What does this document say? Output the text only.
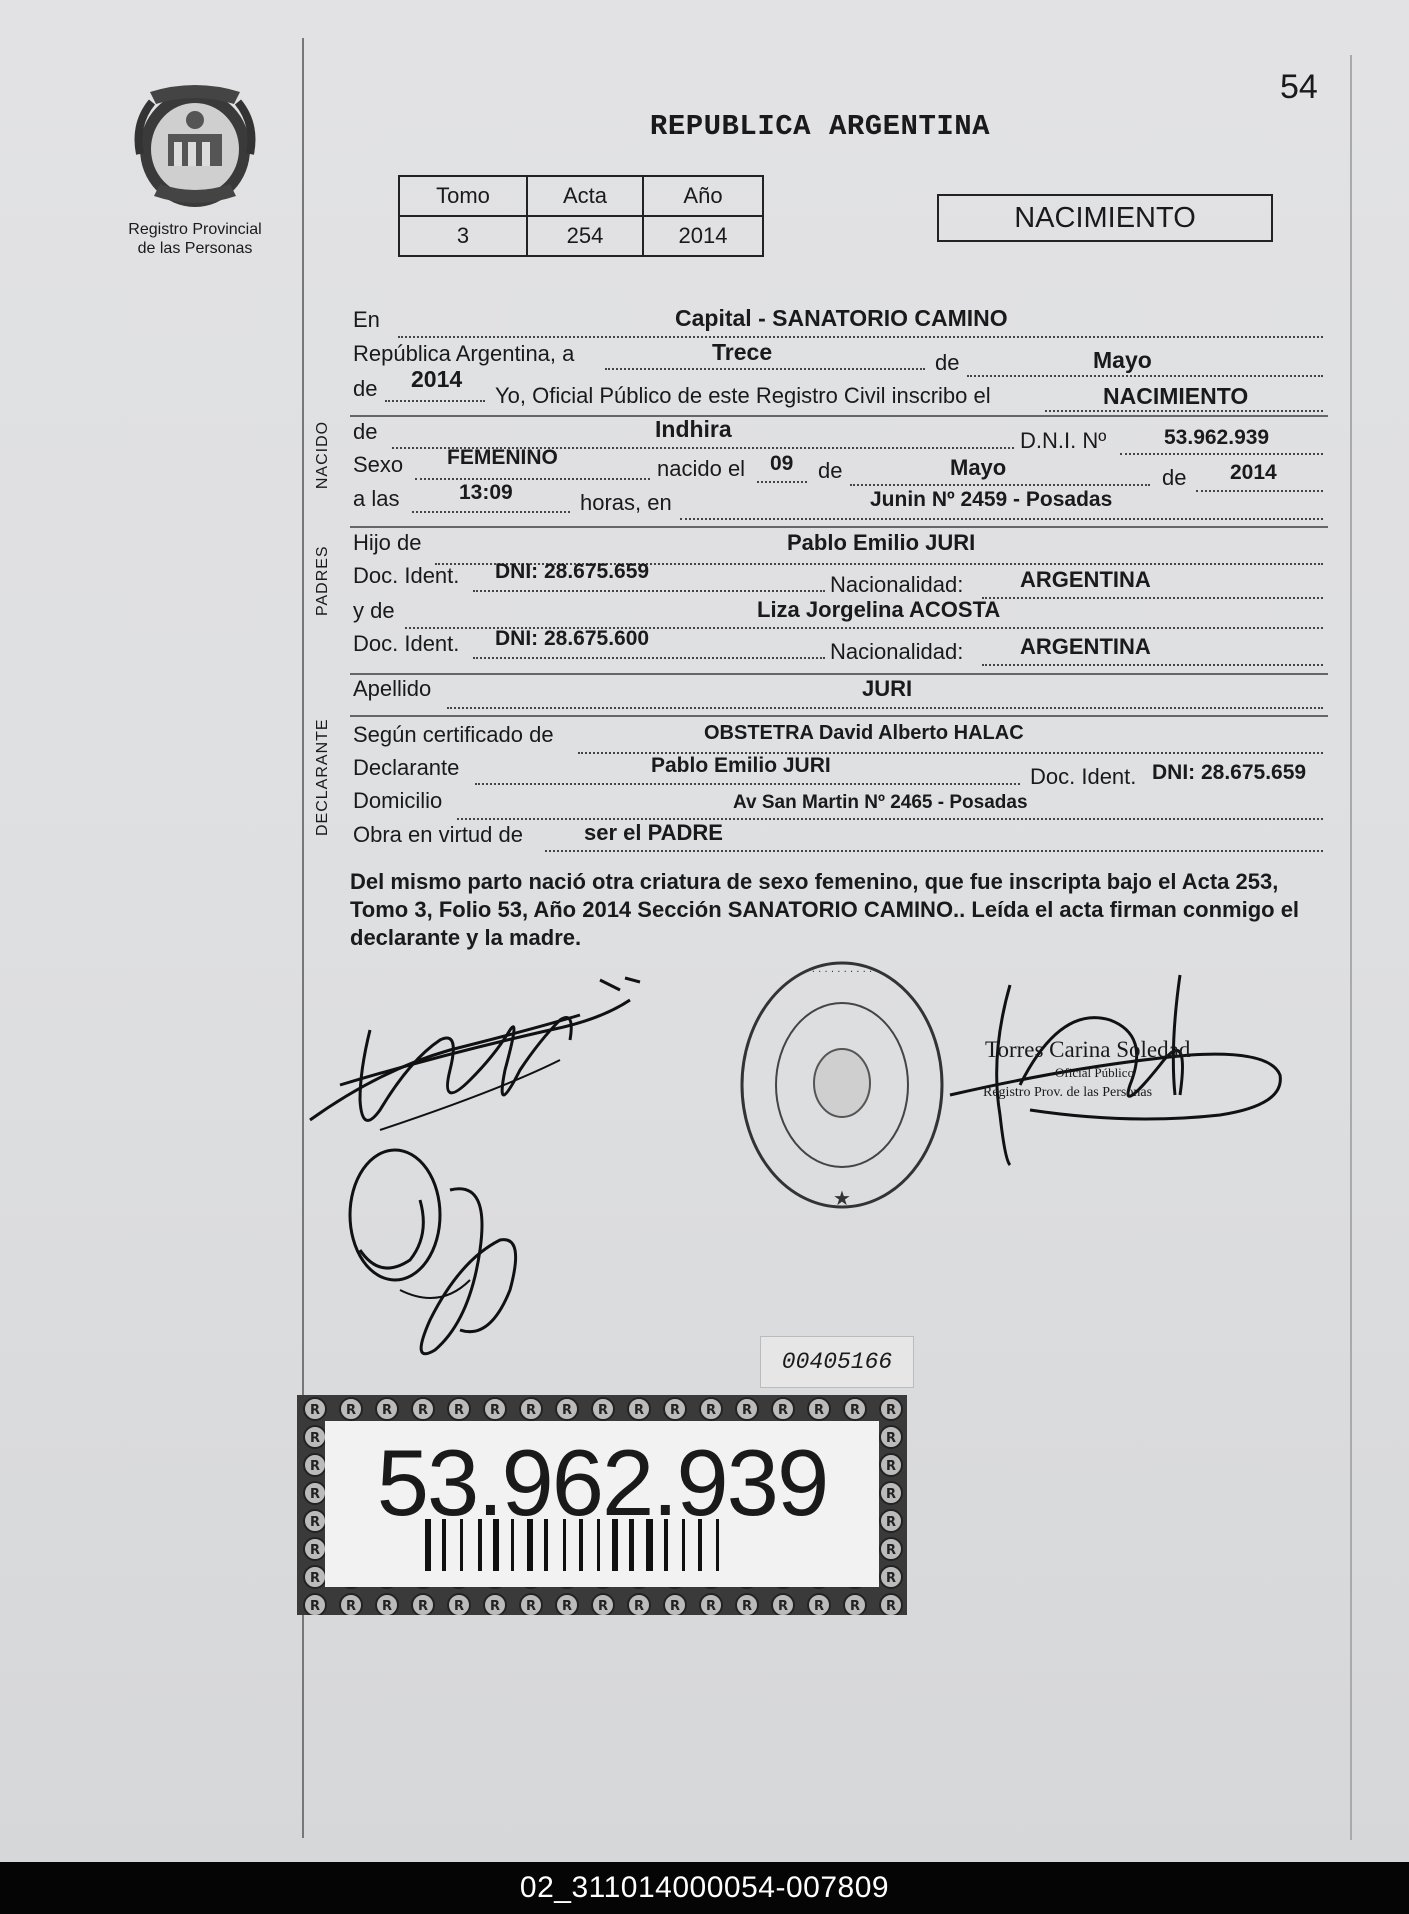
Registro Provincial
de las Personas
54
REPUBLICA ARGENTINA
Tomo	Acta	Año
3	254	2014
NACIMIENTO
En	Capital - SANATORIO CAMINO
República Argentina, a	Trece	de	Mayo
de 2014
Yo, Oficial Público de este Registro Civil inscribo el	NACIMIENTO
NACIDO de	Indhira	D.N.I. Nº	53.962.939
Sexo FEMENINO	nacido el 09 de	Mayo	de 2014
a las	13:09	horas, en	Junin Nº 2459 - Posadas
PADRES
Hijo de	Pablo Emilio JURI
Doc. Ident. DNI: 28.675.659
Nacionalidad:	ARGENTINA
y de	Liza Jorgelina ACOSTA
Doc. Ident. DNI: 28.675.600
Nacionalidad:	ARGENTINA
Apellido	JURI
DECLARANTE Según certificado de	OBSTETRA David Alberto HALAC
Declarante	Pablo Emilio JURI	Doc. Ident. DNI: 28.675.659
Domicilio	Av San Martin Nº 2465 - Posadas
Obra en virtud de	ser el PADRE
Del mismo parto nació otra criatura de sexo femenino, que fue inscripta bajo el Acta 253, Tomo 3, Folio 53, Año 2014 Sección SANATORIO CAMINO.. Leída el acta firman conmigo el declarante y la madre.
· · · · · · · · · · · ·
★
Torres Carina Soledad
Oficial Público
Registro Prov. de las Personas
00405166
53.962.939
02_311014000054-007809
